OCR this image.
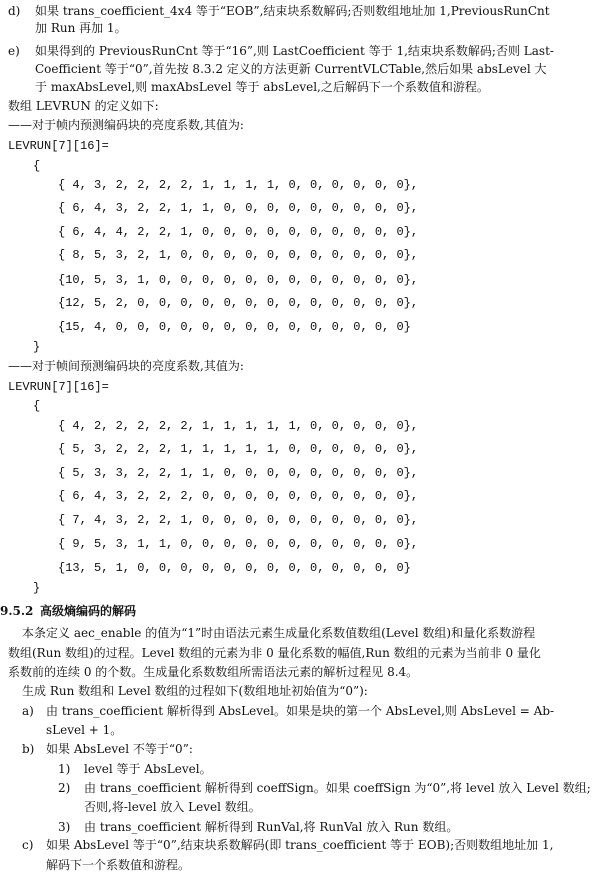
d) 如果 trans_coefficient_4x4 等于“EOB”,结束块系数解码;否则数组地址加 1,PreviousRunCnt
加 Run 再加 1。
e) 如果得到的 PreviousRunCnt 等于“16”,则 LastCoefficient 等于 1,结束块系数解码;否则 Last-
Coefficient 等于“0”,首先按 8.3.2 定义的方法更新 CurrentVLCTable,然后如果 absLevel 大
于 maxAbsLevel,则 maxAbsLevel 等于 absLevel,之后解码下一个系数值和游程。
数组 LEVRUN 的定义如下:
——对于帧内预测编码块的亮度系数,其值为:
LEVRUN[7][16]=
{
{ 4, 3, 2, 2, 2, 2, 1, 1, 1, 1, 0, 0, 0, 0, 0, 0},
{ 6, 4, 3, 2, 2, 1, 1, 0, 0, 0, 0, 0, 0, 0, 0, 0},
{ 6, 4, 4, 2, 2, 1, 0, 0, 0, 0, 0, 0, 0, 0, 0, 0},
{ 8, 5, 3, 2, 1, 0, 0, 0, 0, 0, 0, 0, 0, 0, 0, 0},
{10, 5, 3, 1, 0, 0, 0, 0, 0, 0, 0, 0, 0, 0, 0, 0},
{12, 5, 2, 0, 0, 0, 0, 0, 0, 0, 0, 0, 0, 0, 0, 0},
{15, 4, 0, 0, 0, 0, 0, 0, 0, 0, 0, 0, 0, 0, 0, 0}
}
——对于帧间预测编码块的亮度系数,其值为:
LEVRUN[7][16]=
{
{ 4, 2, 2, 2, 2, 2, 1, 1, 1, 1, 1, 0, 0, 0, 0, 0},
{ 5, 3, 2, 2, 2, 1, 1, 1, 1, 1, 0, 0, 0, 0, 0, 0},
{ 5, 3, 3, 2, 2, 1, 1, 0, 0, 0, 0, 0, 0, 0, 0, 0},
{ 6, 4, 3, 2, 2, 2, 0, 0, 0, 0, 0, 0, 0, 0, 0, 0},
{ 7, 4, 3, 2, 2, 1, 0, 0, 0, 0, 0, 0, 0, 0, 0, 0},
{ 9, 5, 3, 1, 1, 0, 0, 0, 0, 0, 0, 0, 0, 0, 0, 0},
{13, 5, 1, 0, 0, 0, 0, 0, 0, 0, 0, 0, 0, 0, 0, 0}
}
9.5.2 高级熵编码的解码
本条定义 aec_enable 的值为“1”时由语法元素生成量化系数值数组(Level 数组)和量化系数游程
数组(Run 数组)的过程。Level 数组的元素为非 0 量化系数的幅值,Run 数组的元素为当前非 0 量化
系数前的连续 0 的个数。生成量化系数数组所需语法元素的解析过程见 8.4。
生成 Run 数组和 Level 数组的过程如下(数组地址初始值为“0”):
a) 由 trans_coefficient 解析得到 AbsLevel。如果是块的第一个 AbsLevel,则 AbsLevel = Ab-
sLevel + 1。
b) 如果 AbsLevel 不等于“0”:
1) level 等于 AbsLevel。
2) 由 trans_coefficient 解析得到 coeffSign。如果 coeffSign 为“0”,将 level 放入 Level 数组;
否则,将-level 放入 Level 数组。
3) 由 trans_coefficient 解析得到 RunVal,将 RunVal 放入 Run 数组。
c) 如果 AbsLevel 等于“0”,结束块系数解码(即 trans_coefficient 等于 EOB);否则数组地址加 1,
解码下一个系数值和游程。
